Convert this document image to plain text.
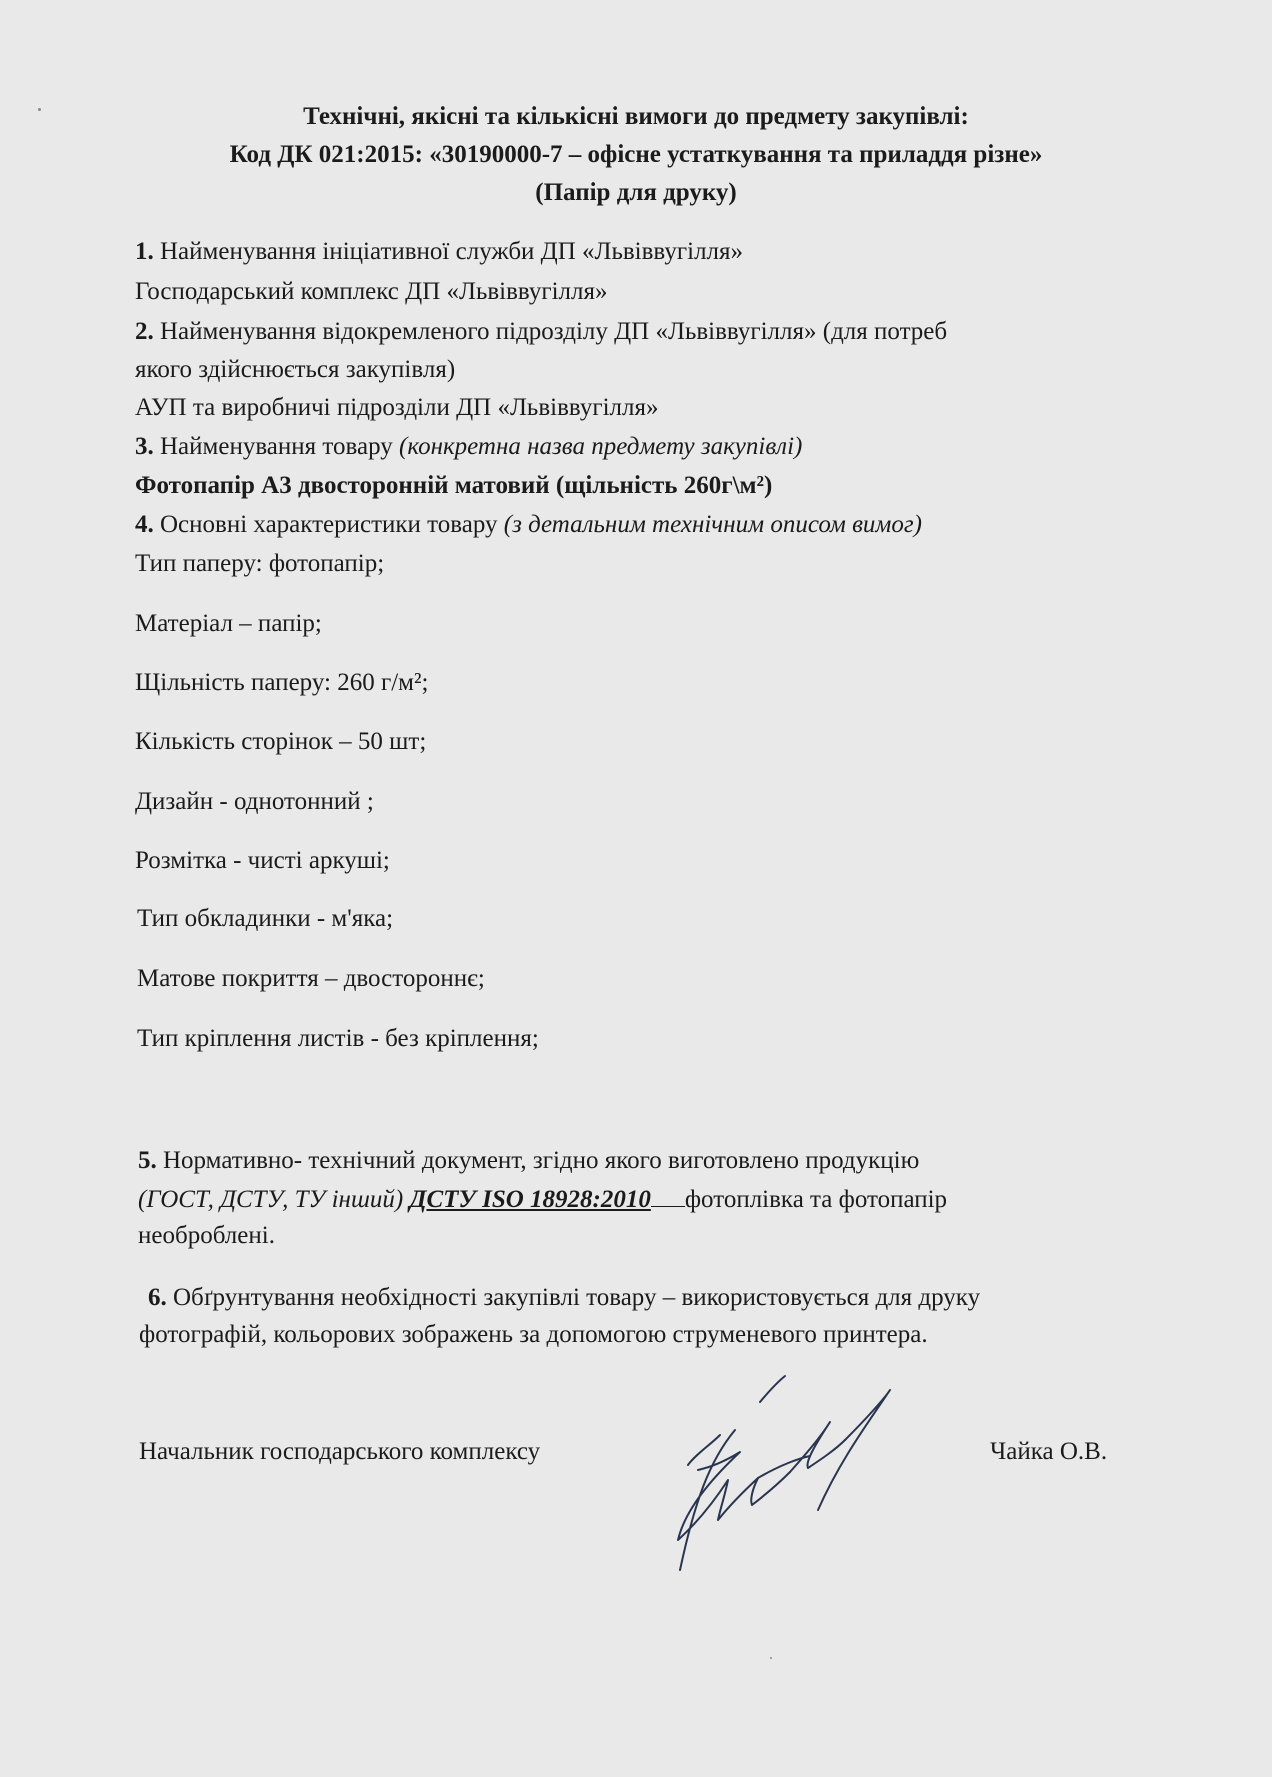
Технічні, якісні та кількісні вимоги до предмету закупівлі:
Код ДК 021:2015: «30190000-7 – офісне устаткування та приладдя різне»
(Папір для друку)
1. Найменування ініціативної служби ДП «Львіввугілля»
Господарський комплекс ДП «Львіввугілля»
2. Найменування відокремленого підрозділу ДП «Львіввугілля» (для потреб
якого здійснюється закупівля)
АУП та виробничі підрозділи ДП «Львіввугілля»
3. Найменування товару (конкретна назва предмету закупівлі)
Фотопапір А3 двосторонній матовий (щільність 260г\м²)
4. Основні характеристики товару (з детальним технічним описом вимог)
Тип паперу: фотопапір;
Матеріал – папір;
Щільність паперу: 260 г/м²;
Кількість сторінок – 50 шт;
Дизайн - однотонний ;
Розмітка - чисті аркуші;
Тип обкладинки - м'яка;
Матове покриття – двостороннє;
Тип кріплення листів - без кріплення;
5. Нормативно- технічний документ, згідно якого виготовлено продукцію
(ГОСТ, ДСТУ, ТУ інший) ДСТУ ISO 18928:2010 фотоплівка та фотопапір
необроблені.
6. Обґрунтування необхідності закупівлі товару – використовується для друку
фотографій, кольорових зображень за допомогою струменевого принтера.
Начальник господарського комплексу	Чайка О.В.
